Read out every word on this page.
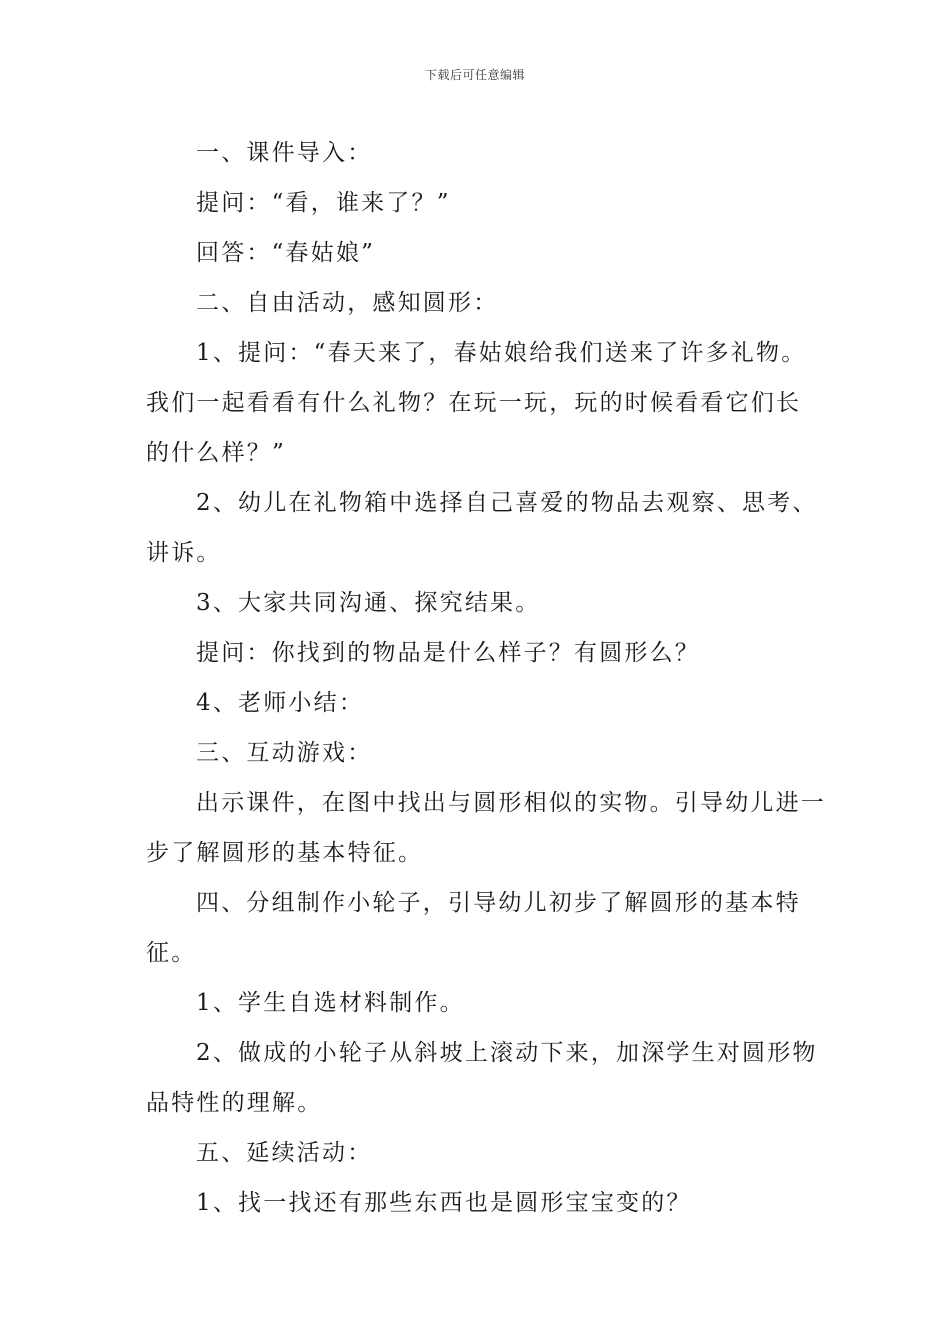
下载后可任意编辑

一、课件导入：

提问：“看，谁来了？”

回答：“春姑娘”

二、自由活动，感知圆形：

1、提问：“春天来了，春姑娘给我们送来了许多礼物。我们一起看看有什么礼物？在玩一玩，玩的时候看看它们长的什么样？”

2、幼儿在礼物箱中选择自己喜爱的物品去观察、思考、讲诉。

3、大家共同沟通、探究结果。

提问：你找到的物品是什么样子？有圆形么？

4、老师小结：

三、互动游戏：

出示课件，在图中找出与圆形相似的实物。引导幼儿进一步了解圆形的基本特征。

四、分组制作小轮子，引导幼儿初步了解圆形的基本特征。

1、学生自选材料制作。

2、做成的小轮子从斜坡上滚动下来，加深学生对圆形物品特性的理解。

五、延续活动：

1、找一找还有那些东西也是圆形宝宝变的？
